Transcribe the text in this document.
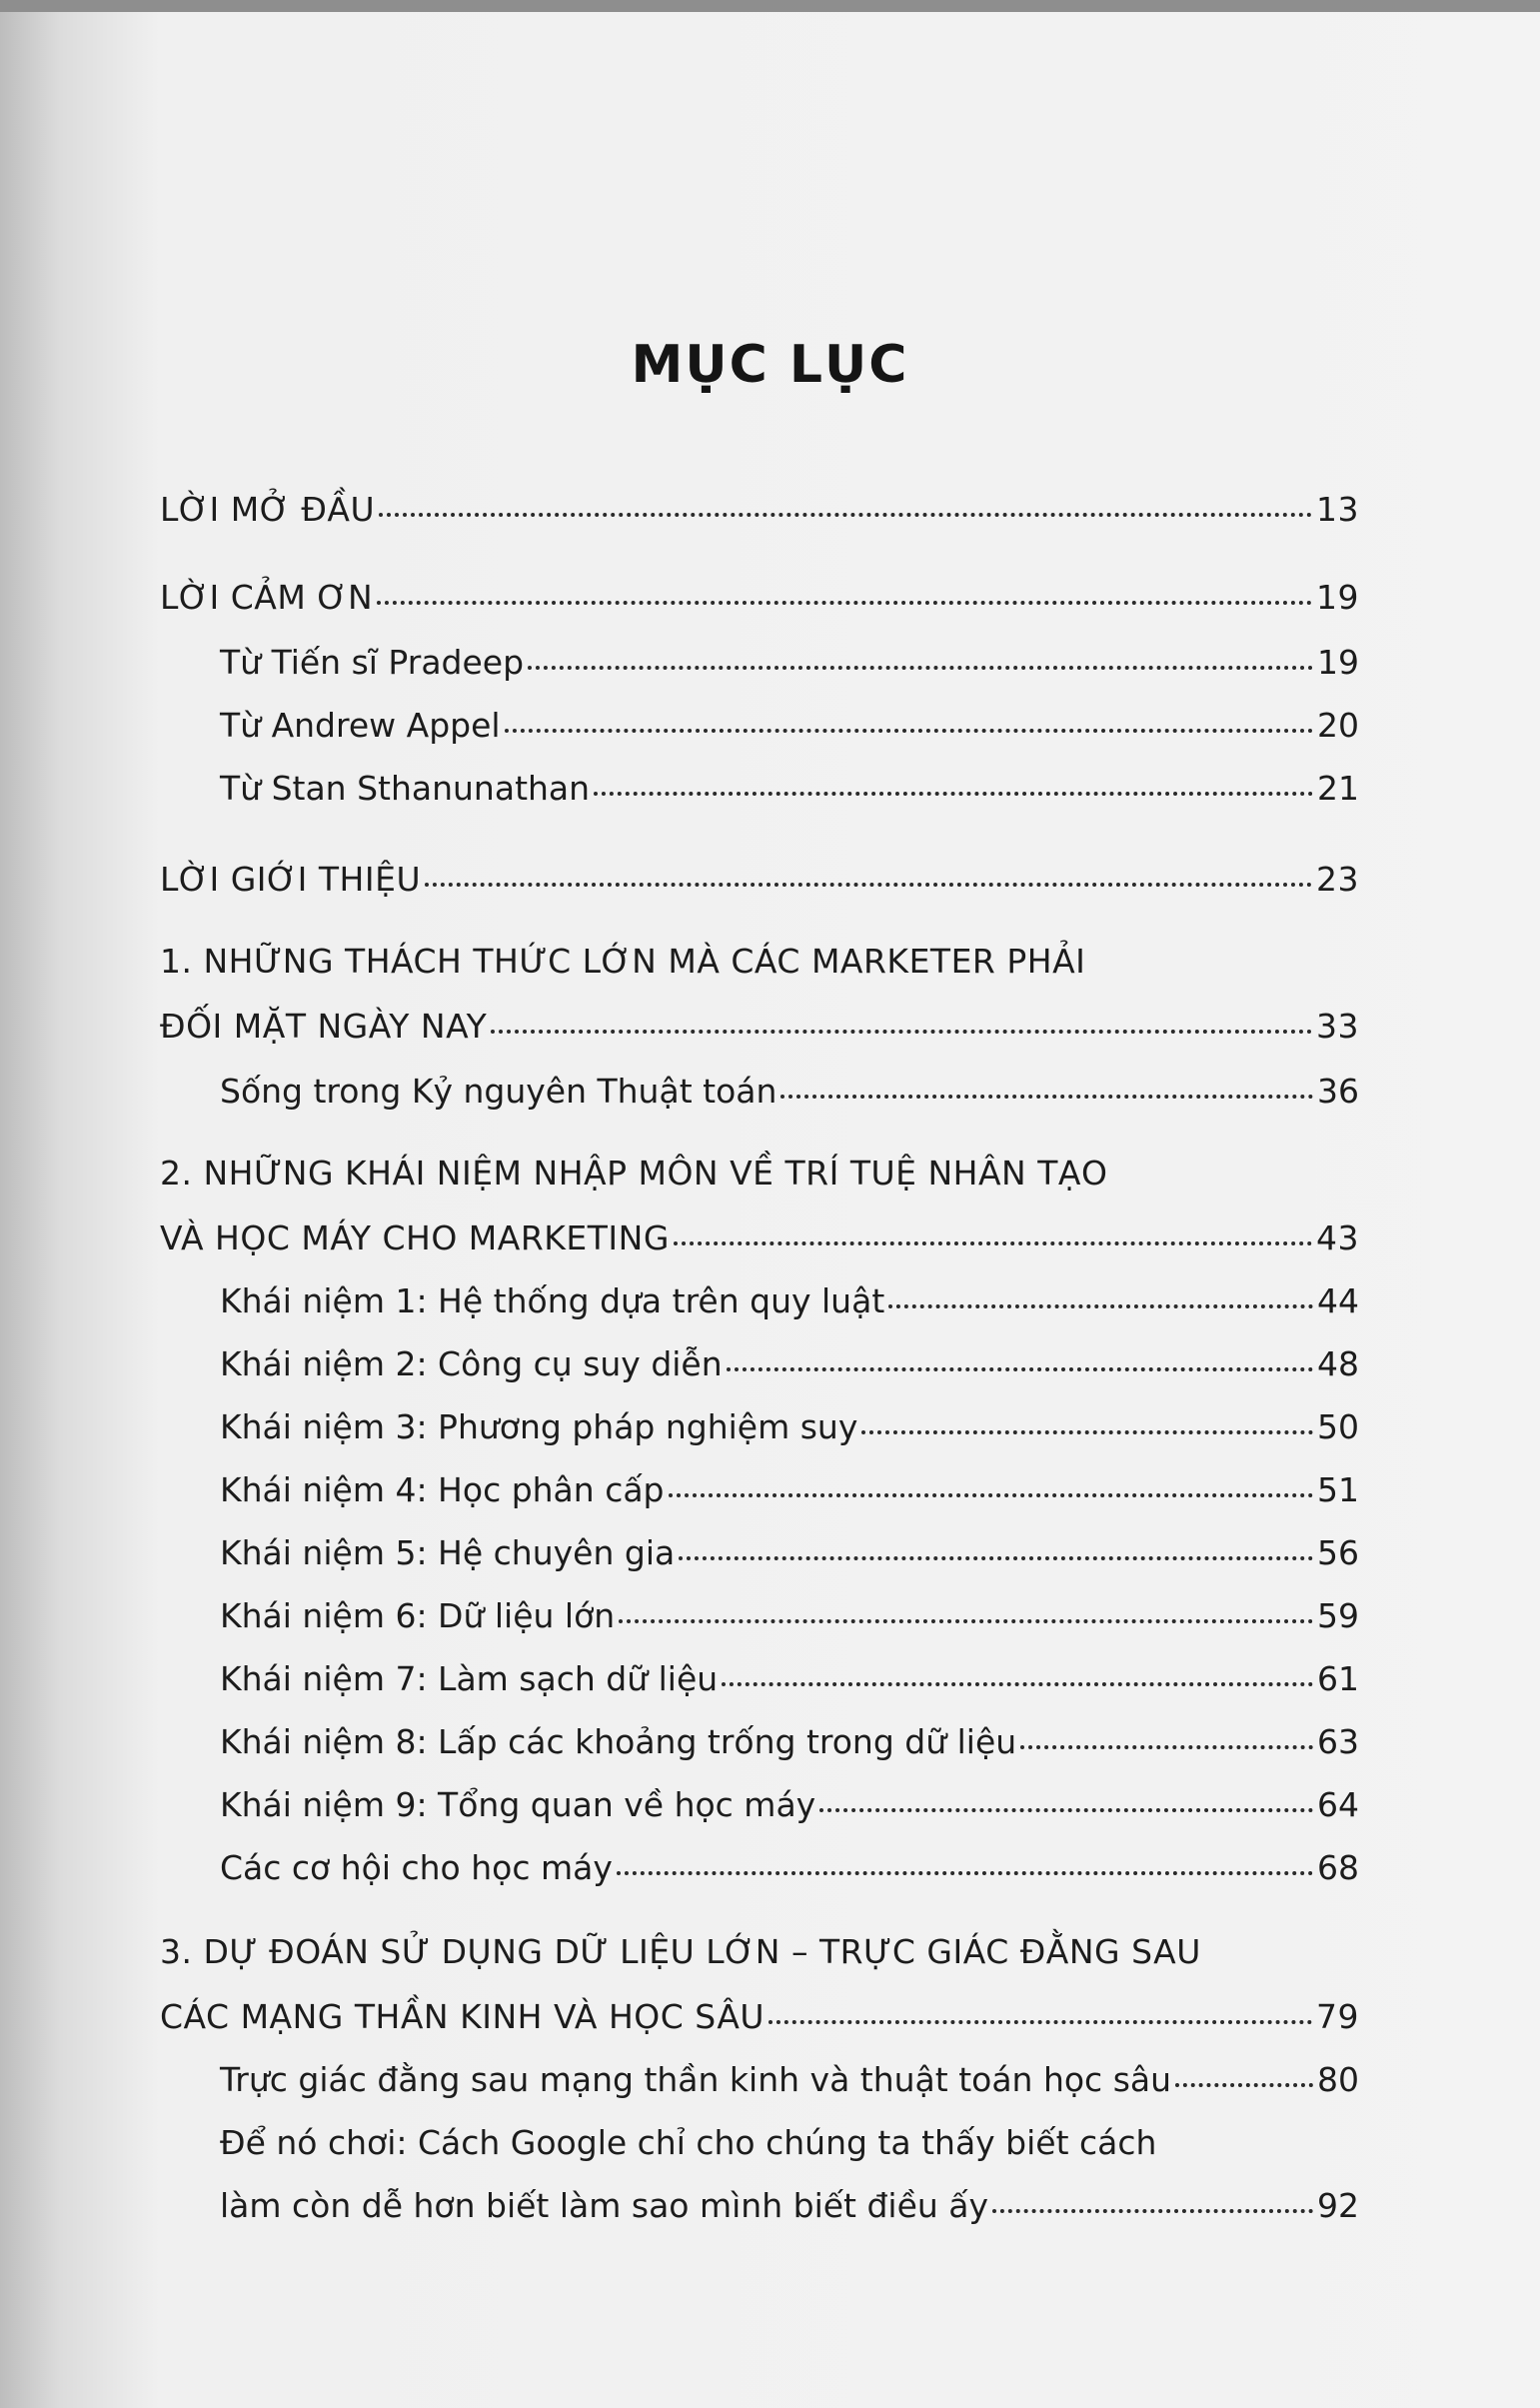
MỤC LỤC
LỜI MỞ ĐẦU	13
LỜI CẢM ƠN	19
Từ Tiến sĩ Pradeep	19
Từ Andrew Appel	20
Từ Stan Sthanunathan	21
LỜI GIỚI THIỆU	23
1. NHỮNG THÁCH THỨC LỚN MÀ CÁC MARKETER PHẢI
ĐỐI MẶT NGÀY NAY	33
Sống trong Kỷ nguyên Thuật toán	36
2. NHỮNG KHÁI NIỆM NHẬP MÔN VỀ TRÍ TUỆ NHÂN TẠO
VÀ HỌC MÁY CHO MARKETING	43
Khái niệm 1: Hệ thống dựa trên quy luật	44
Khái niệm 2: Công cụ suy diễn	48
Khái niệm 3: Phương pháp nghiệm suy	50
Khái niệm 4: Học phân cấp	51
Khái niệm 5: Hệ chuyên gia	56
Khái niệm 6: Dữ liệu lớn	59
Khái niệm 7: Làm sạch dữ liệu	61
Khái niệm 8: Lấp các khoảng trống trong dữ liệu	63
Khái niệm 9: Tổng quan về học máy	64
Các cơ hội cho học máy	68
3. DỰ ĐOÁN SỬ DỤNG DỮ LIỆU LỚN – TRỰC GIÁC ĐẰNG SAU
CÁC MẠNG THẦN KINH VÀ HỌC SÂU	79
Trực giác đằng sau mạng thần kinh và thuật toán học sâu	80
Để nó chơi: Cách Google chỉ cho chúng ta thấy biết cách
làm còn dễ hơn biết làm sao mình biết điều ấy	92
